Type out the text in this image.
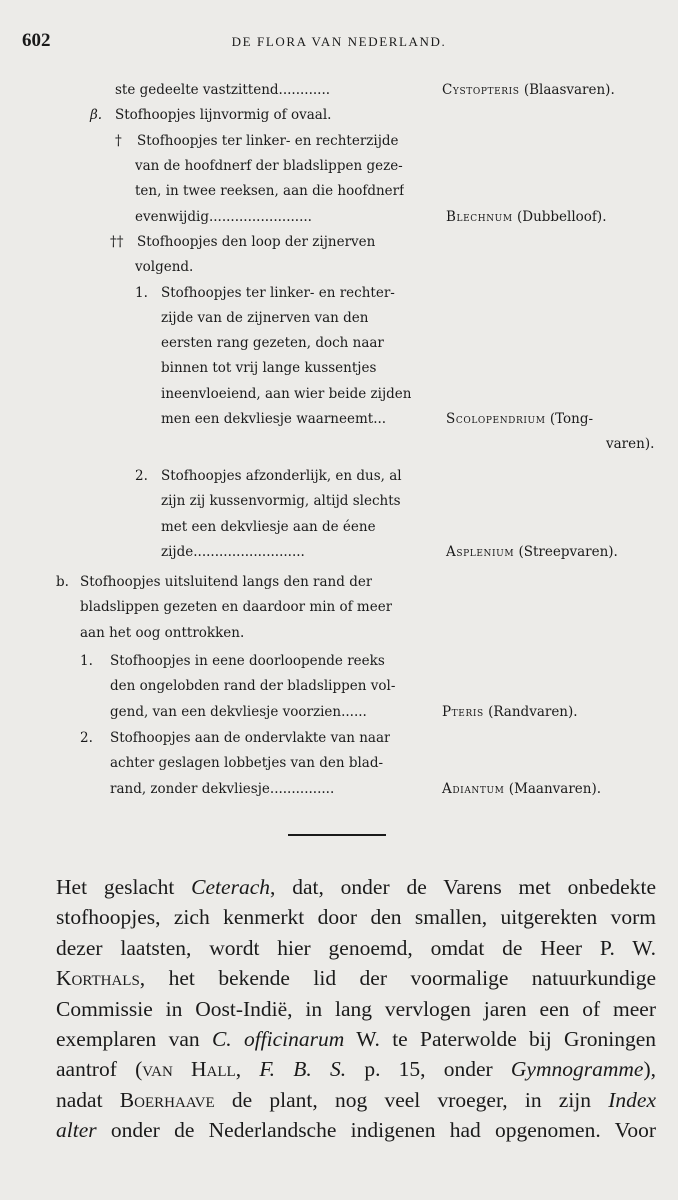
602	DE FLORA VAN NEDERLAND.
ste gedeelte vastzittend............	Cystopteris (Blaasvaren).
β. Stofhoopjes lijnvormig of ovaal.
† Stofhoopjes ter linker- en rechterzijde
van de hoofdnerf der bladslippen geze-
ten, in twee reeksen, aan die hoofdnerf
evenwijdig........................	Blechnum (Dubbelloof).
†† Stofhoopjes den loop der zijnerven
volgend.
1. Stofhoopjes ter linker- en rechter-
zijde van de zijnerven van den
eersten rang gezeten, doch naar
binnen tot vrij lange kussentjes
ineenvloeiend, aan wier beide zijden
men een dekvliesje waarneemt...	Scolopendrium (Tong-
varen).
2. Stofhoopjes afzonderlijk, en dus, al
zijn zij kussenvormig, altijd slechts
met een dekvliesje aan de éene
zijde..........................	Asplenium (Streepvaren).
b. Stofhoopjes uitsluitend langs den rand der
bladslippen gezeten en daardoor min of meer
aan het oog onttrokken.
1. Stofhoopjes in eene doorloopende reeks
den ongelobden rand der bladslippen vol-
gend, van een dekvliesje voorzien......	Pteris (Randvaren).
2. Stofhoopjes aan de ondervlakte van naar
achter geslagen lobbetjes van den blad-
rand, zonder dekvliesje...............	Adiantum (Maanvaren).
Het geslacht Ceterach, dat, onder de Varens met onbedekte
stofhoopjes, zich kenmerkt door den smallen, uitgerekten vorm
dezer laatsten, wordt hier genoemd, omdat de Heer P. W.
Korthals, het bekende lid der voormalige natuurkundige
Commissie in Oost-Indië, in lang vervlogen jaren een of meer
exemplaren van C. officinarum W. te Paterwolde bij Groningen
aantrof (van Hall, F. B. S. p. 15, onder Gymnogramme),
nadat Boerhaave de plant, nog veel vroeger, in zijn Index
alter onder de Nederlandsche indigenen had opgenomen. Voor
